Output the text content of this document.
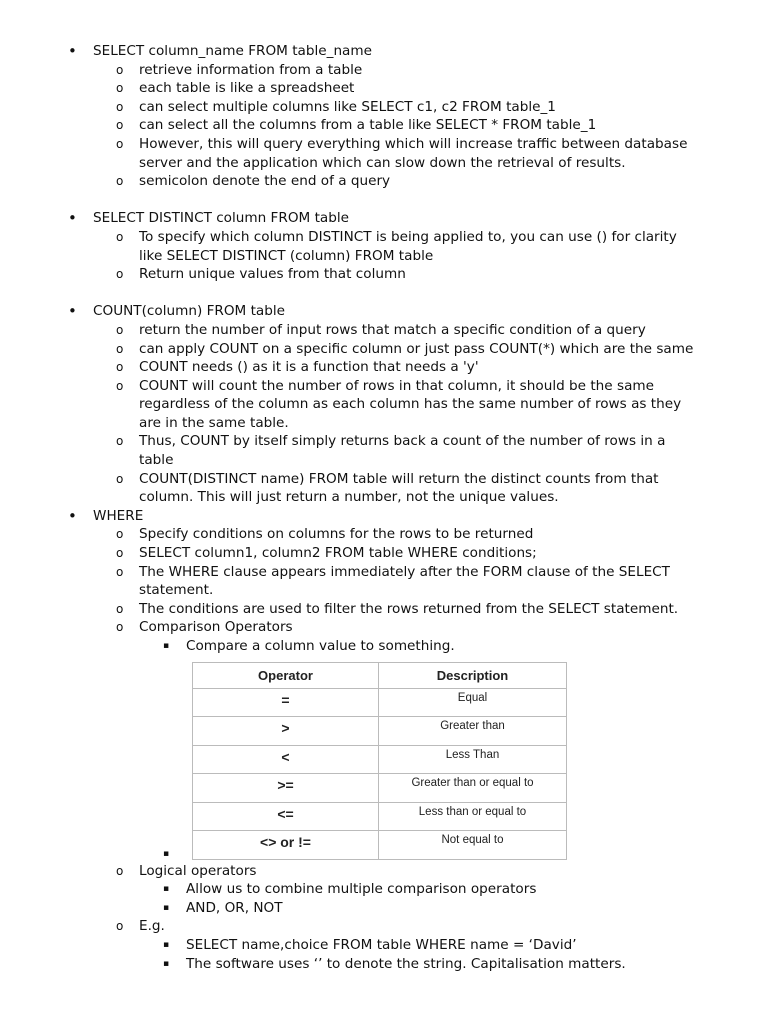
• SELECT column_name FROM table_name
o retrieve information from a table
o each table is like a spreadsheet
o can select multiple columns like SELECT c1, c2 FROM table_1
o can select all the columns from a table like SELECT * FROM table_1
o However, this will query everything which will increase traffic between database
server and the application which can slow down the retrieval of results.
o semicolon denote the end of a query
• SELECT DISTINCT column FROM table
o To specify which column DISTINCT is being applied to, you can use () for clarity
like SELECT DISTINCT (column) FROM table
o Return unique values from that column
• COUNT(column) FROM table
o return the number of input rows that match a specific condition of a query
o can apply COUNT on a specific column or just pass COUNT(*) which are the same
o COUNT needs () as it is a function that needs a 'y'
o COUNT will count the number of rows in that column, it should be the same
regardless of the column as each column has the same number of rows as they
are in the same table.
o Thus, COUNT by itself simply returns back a count of the number of rows in a
table
o COUNT(DISTINCT name) FROM table will return the distinct counts from that
column. This will just return a number, not the unique values.
• WHERE
o Specify conditions on columns for the rows to be returned
o SELECT column1, column2 FROM table WHERE conditions;
o The WHERE clause appears immediately after the FORM clause of the SELECT
statement.
o The conditions are used to filter the rows returned from the SELECT statement.
o Comparison Operators
▪ Compare a column value to something.
▪
Operator	Description
=	Equal
>	Greater than
<	Less Than
>=	Greater than or equal to
<=	Less than or equal to
<> or !=	Not equal to
o Logical operators
▪ Allow us to combine multiple comparison operators
▪ AND, OR, NOT
o E.g.
▪ SELECT name,choice FROM table WHERE name = ‘David’
▪ The software uses ‘’ to denote the string. Capitalisation matters.
